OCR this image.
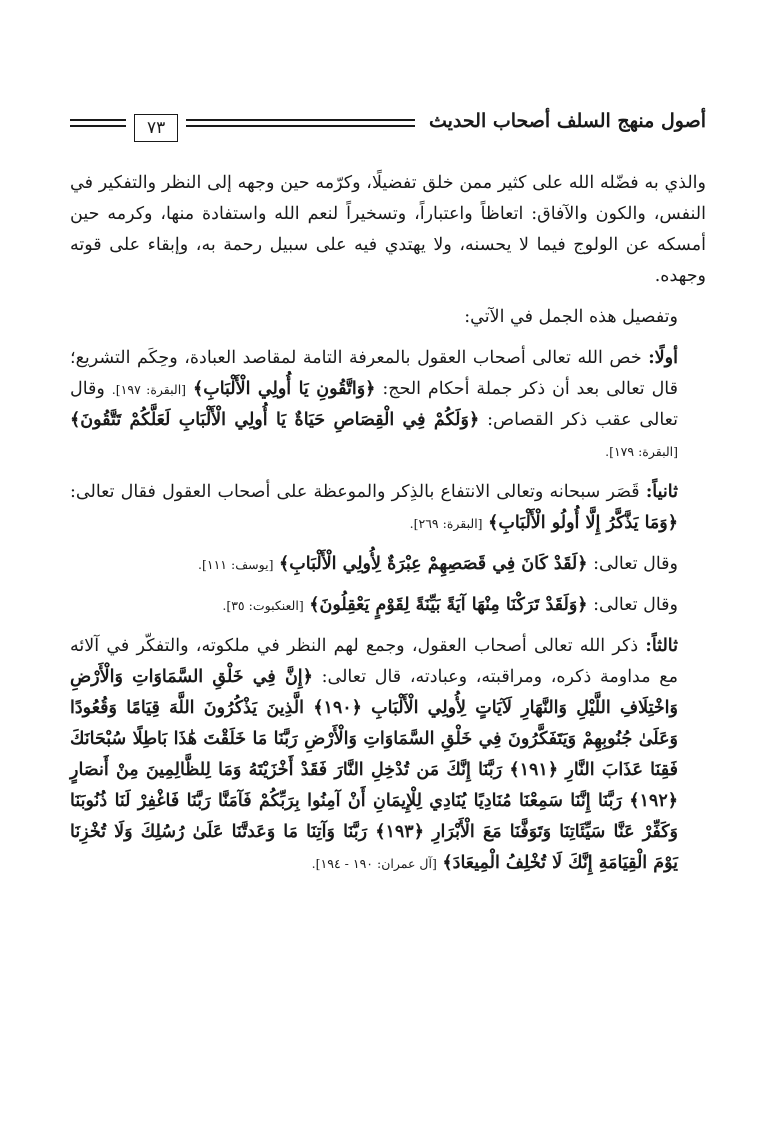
أصول منهج السلف أصحاب الحديث
٧٣

والذي به فضّله الله على كثير ممن خلق تفضيلًا، وكرّمه حين وجهه إلى النظر والتفكير في النفس، والكون والآفاق: اتعاظاً واعتباراً، وتسخيراً لنعم الله واستفادة منها، وكرمه حين أمسكه عن الولوج فيما لا يحسنه، ولا يهتدي فيه على سبيل رحمة به، وإبقاء على قوته وجهده.

وتفصيل هذه الجمل في الآتي:

أولًا: خص الله تعالى أصحاب العقول بالمعرفة التامة لمقاصد العبادة، وحِكَم التشريع؛ قال تعالى بعد أن ذكر جملة أحكام الحج: ﴿وَاتَّقُونِ يَا أُولِي الْأَلْبَابِ﴾ [البقرة: ١٩٧]. وقال تعالى عقب ذكر القصاص: ﴿وَلَكُمْ فِي الْقِصَاصِ حَيَاةٌ يَا أُولِي الْأَلْبَابِ لَعَلَّكُمْ تَتَّقُونَ﴾ [البقرة: ١٧٩].

ثانياً: قَصَر سبحانه وتعالى الانتفاع بالذِكر والموعظة على أصحاب العقول فقال تعالى: ﴿وَمَا يَذَّكَّرُ إِلَّا أُولُو الْأَلْبَابِ﴾ [البقرة: ٢٦٩].

وقال تعالى: ﴿لَقَدْ كَانَ فِي قَصَصِهِمْ عِبْرَةٌ لِأُولِي الْأَلْبَابِ﴾ [يوسف: ١١١].

وقال تعالى: ﴿وَلَقَدْ تَرَكْنَا مِنْهَا آيَةً بَيِّنَةً لِقَوْمٍ يَعْقِلُونَ﴾ [العنكبوت: ٣٥].

ثالثاً: ذكر الله تعالى أصحاب العقول، وجمع لهم النظر في ملكوته، والتفكّر في آلائه مع مداومة ذكره، ومراقبته، وعبادته، قال تعالى: ﴿إِنَّ فِي خَلْقِ السَّمَاوَاتِ وَالْأَرْضِ وَاخْتِلَافِ اللَّيْلِ وَالنَّهَارِ لَآيَاتٍ لِأُولِي الْأَلْبَابِ ﴿١٩٠﴾ الَّذِينَ يَذْكُرُونَ اللَّهَ قِيَامًا وَقُعُودًا وَعَلَىٰ جُنُوبِهِمْ وَيَتَفَكَّرُونَ فِي خَلْقِ السَّمَاوَاتِ وَالْأَرْضِ رَبَّنَا مَا خَلَقْتَ هَٰذَا بَاطِلًا سُبْحَانَكَ فَقِنَا عَذَابَ النَّارِ ﴿١٩١﴾ رَبَّنَا إِنَّكَ مَن تُدْخِلِ النَّارَ فَقَدْ أَخْزَيْتَهُ وَمَا لِلظَّالِمِينَ مِنْ أَنصَارٍ ﴿١٩٢﴾ رَبَّنَا إِنَّنَا سَمِعْنَا مُنَادِيًا يُنَادِي لِلْإِيمَانِ أَنْ آمِنُوا بِرَبِّكُمْ فَآمَنَّا رَبَّنَا فَاغْفِرْ لَنَا ذُنُوبَنَا وَكَفِّرْ عَنَّا سَيِّئَاتِنَا وَتَوَفَّنَا مَعَ الْأَبْرَارِ ﴿١٩٣﴾ رَبَّنَا وَآتِنَا مَا وَعَدتَّنَا عَلَىٰ رُسُلِكَ وَلَا تُخْزِنَا يَوْمَ الْقِيَامَةِ إِنَّكَ لَا تُخْلِفُ الْمِيعَادَ﴾ [آل عمران: ١٩٠ - ١٩٤].
